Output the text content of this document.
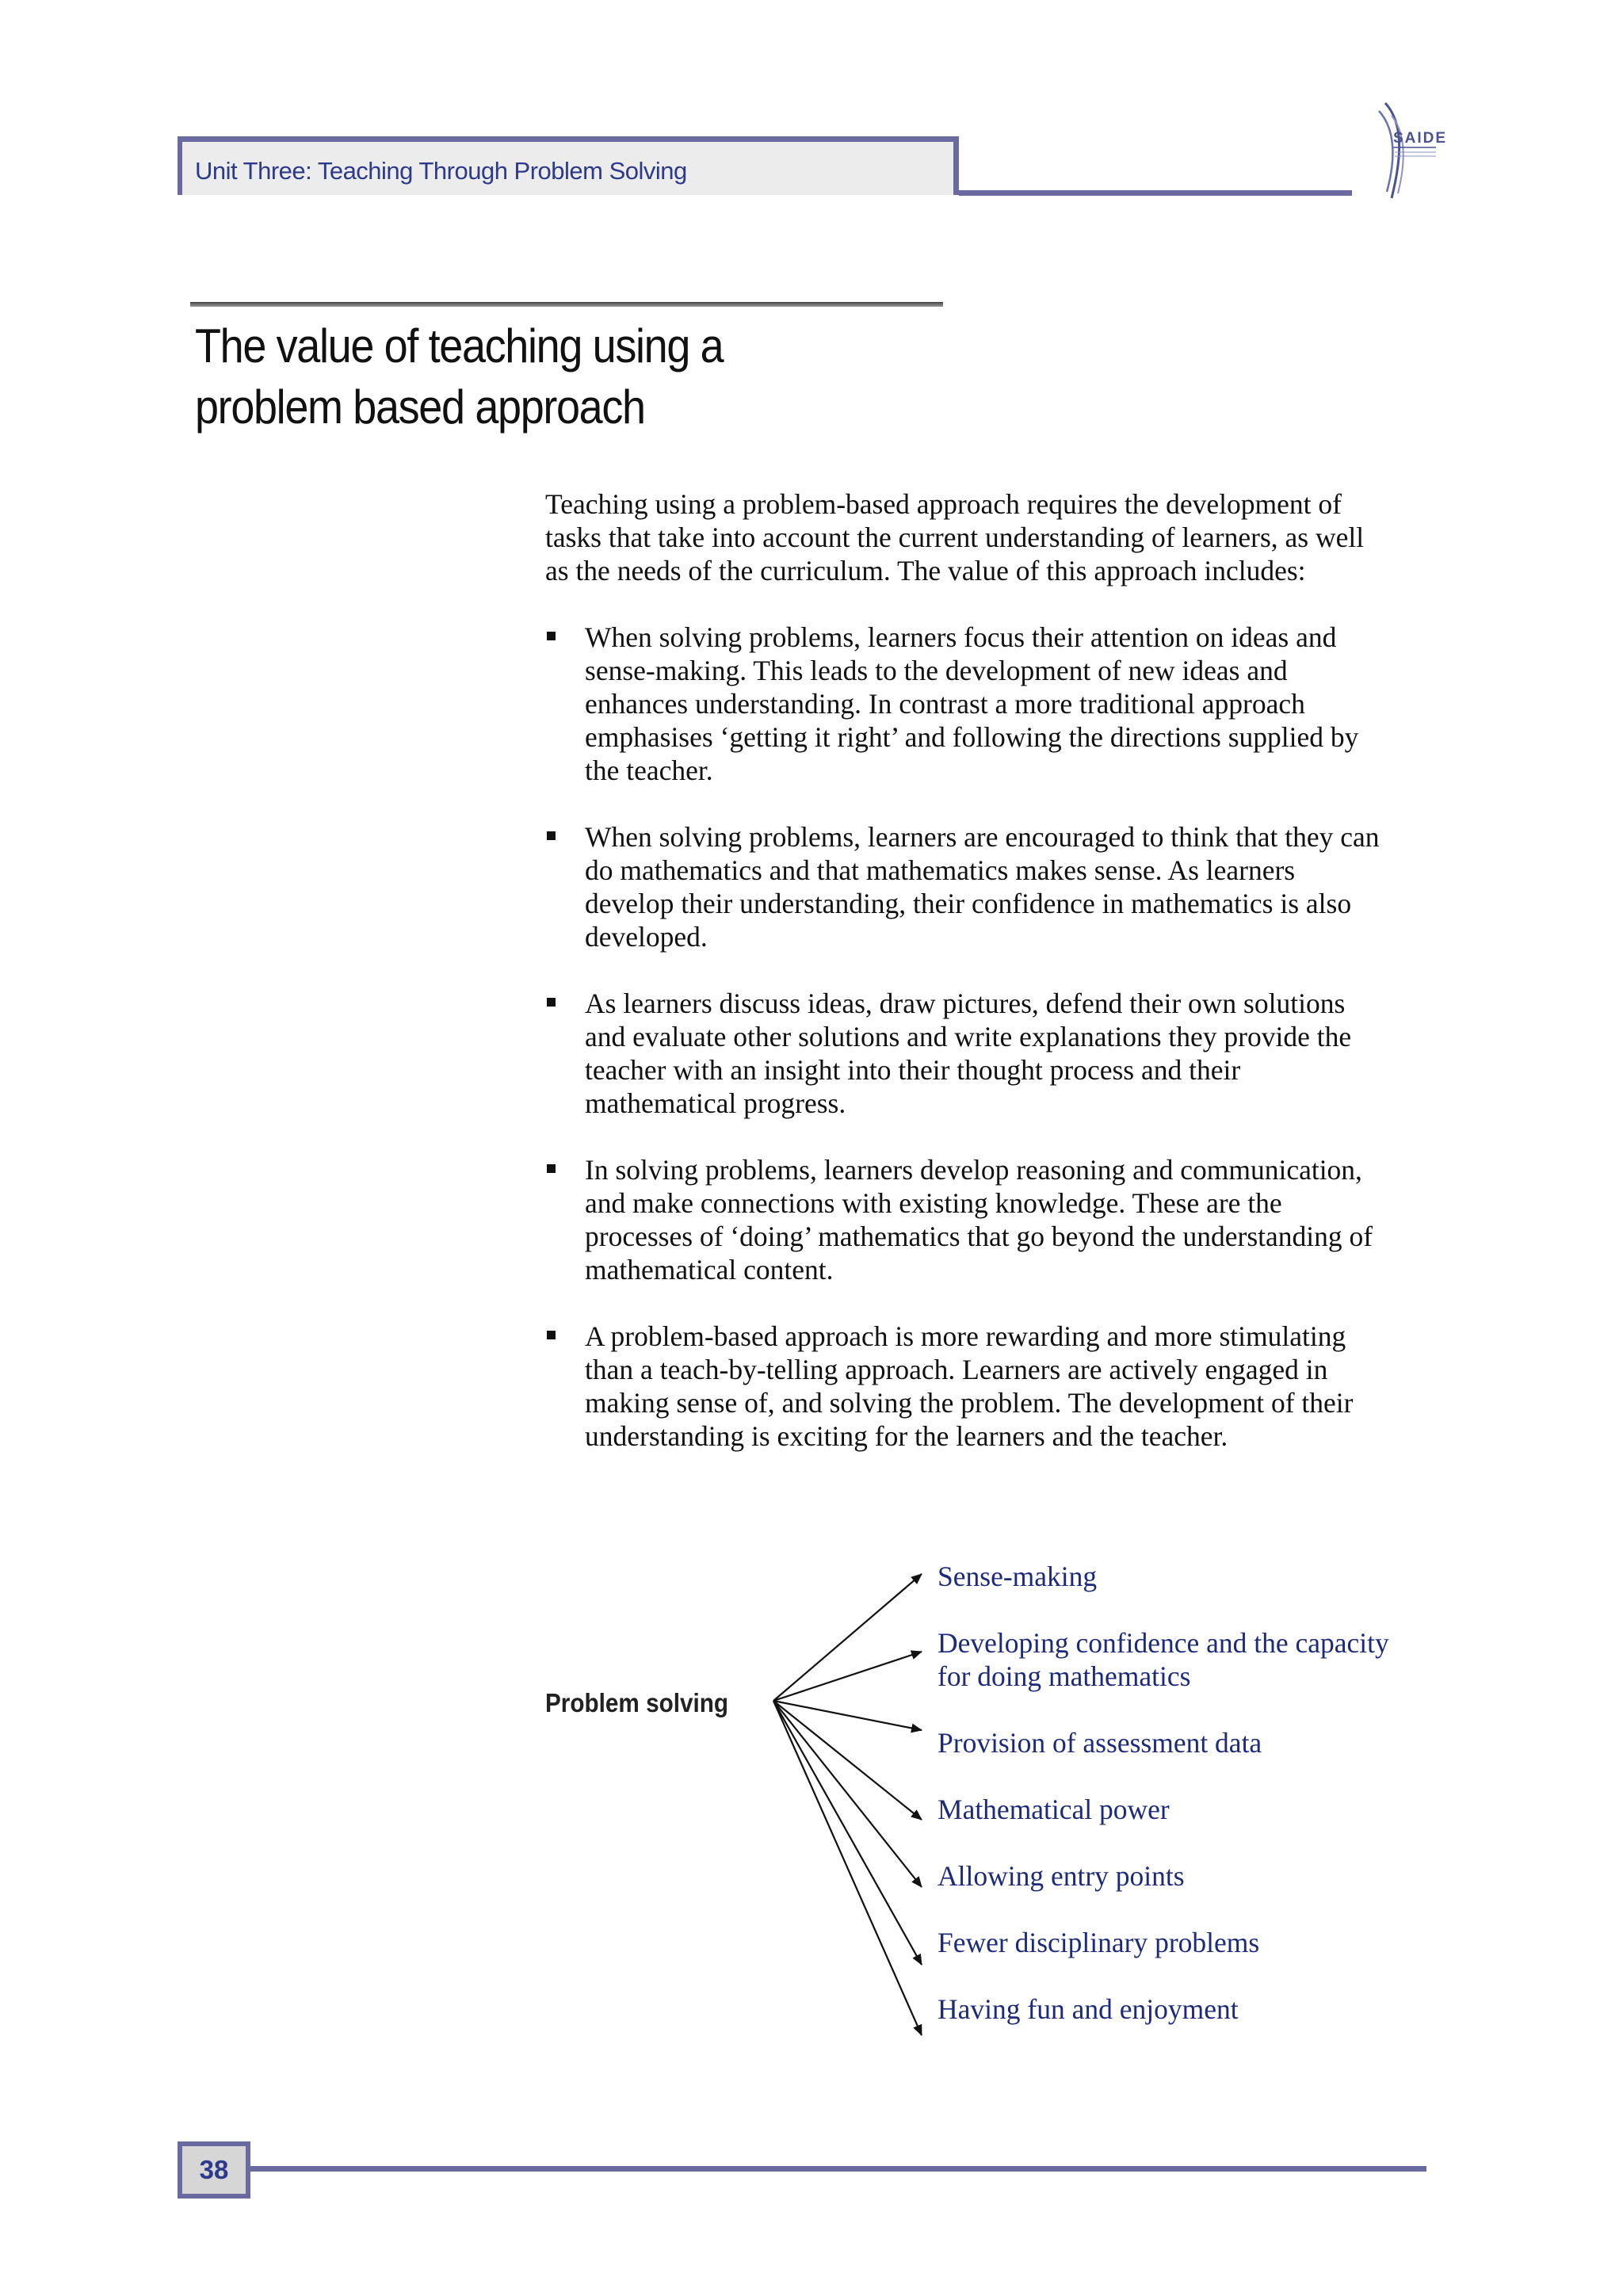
Unit Three: Teaching Through Problem Solving
SAIDE
The value of teaching using a
problem based approach
Teaching using a problem-based approach requires the development of
tasks that take into account the current understanding of learners, as well
as the needs of the curriculum. The value of this approach includes:
When solving problems, learners focus their attention on ideas and
sense-making. This leads to the development of new ideas and
enhances understanding. In contrast a more traditional approach
emphasises ‘getting it right’ and following the directions supplied by
the teacher.
When solving problems, learners are encouraged to think that they can
do mathematics and that mathematics makes sense. As learners
develop their understanding, their confidence in mathematics is also
developed.
As learners discuss ideas, draw pictures, defend their own solutions
and evaluate other solutions and write explanations they provide the
teacher with an insight into their thought process and their
mathematical progress.
In solving problems, learners develop reasoning and communication,
and make connections with existing knowledge. These are the
processes of ‘doing’ mathematics that go beyond the understanding of
mathematical content.
A problem-based approach is more rewarding and more stimulating
than a teach-by-telling approach. Learners are actively engaged in
making sense of, and solving the problem. The development of their
understanding is exciting for the learners and the teacher.
Problem solving
Sense-making
Developing confidence and the capacity
for doing mathematics
Provision of assessment data
Mathematical power
Allowing entry points
Fewer disciplinary problems
Having fun and enjoyment
38
